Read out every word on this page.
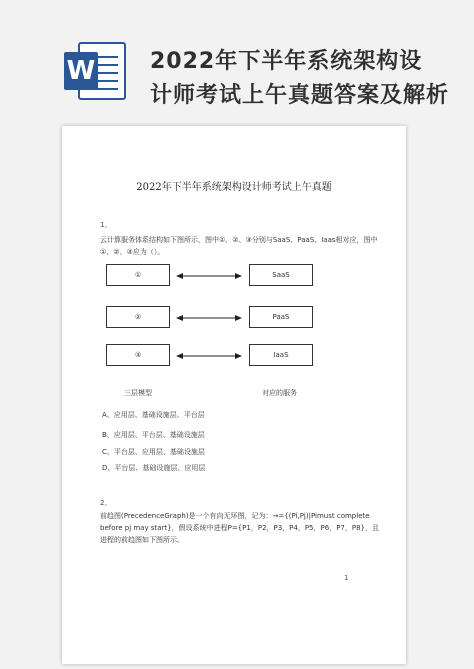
W 2022年下半年系统架构设
计师考试上午真题答案及解析
2022年下半年系统架构设计师考试上午真题
1、
云计算服务体系结构如下图所示，图中①、②、③分别与SaaS、PaaS、Iaas相对应，图中①、②、③应为（）。
①
②
③
SaaS
PaaS
IaaS
三层模型	对应的服务
A、应用层、基础设施层、平台层
B、应用层、平台层、基础设施层
C、平台层、应用层、基础设施层
D、平台层、基础设施层、应用层
2、
前趋图(PrecedenceGraph)是一个有向无环图，记为：→={(Pi,Pj)|Pimust complete before pj may start}，假设系统中进程P={P1，P2，P3，P4，P5，P6，P7，P8}，且进程的前趋图如下图所示。
1
